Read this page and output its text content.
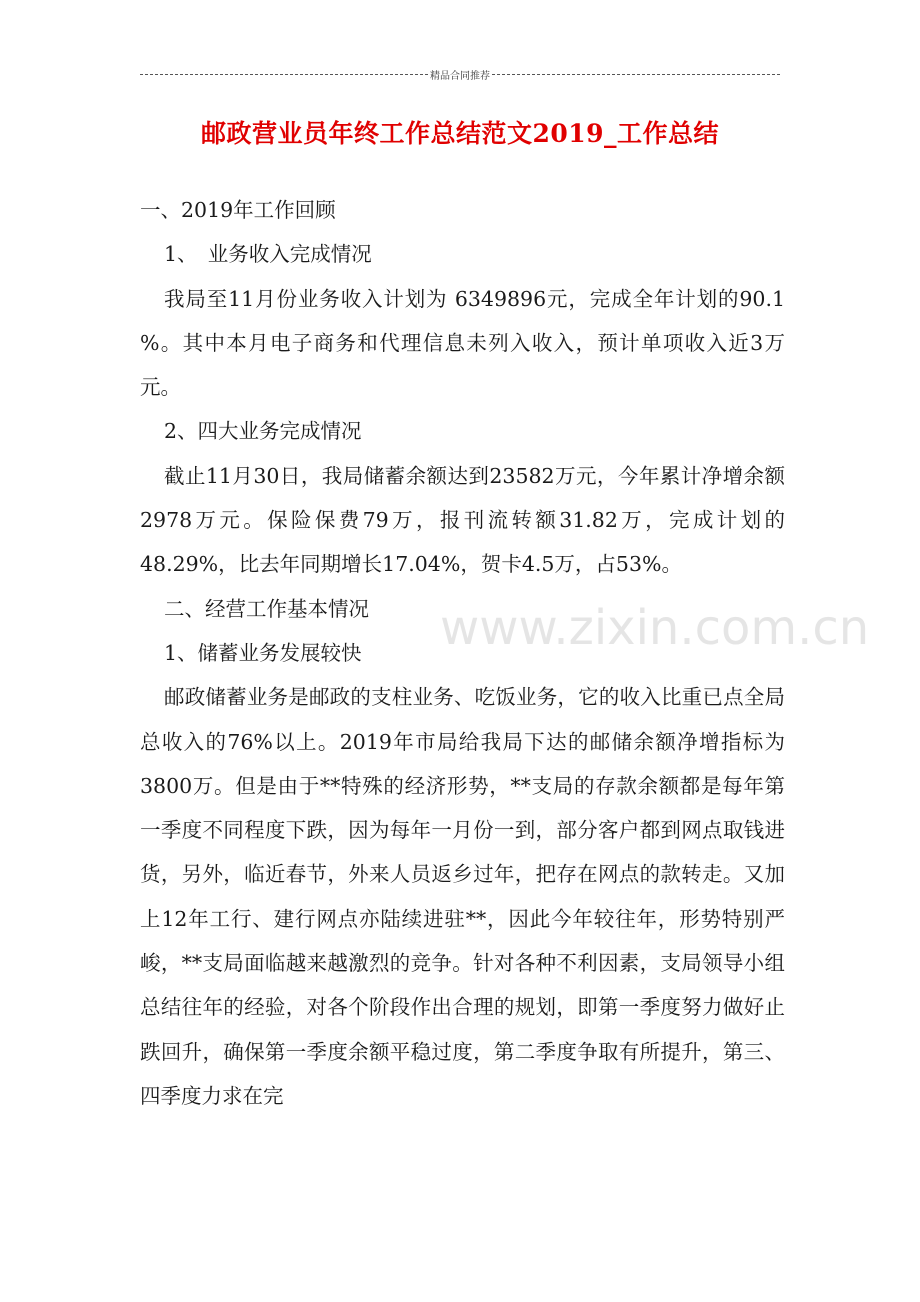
精品合同推荐
邮政营业员年终工作总结范文2019_工作总结

一、2019年工作回顾

1、　业务收入完成情况

我局至11月份业务收入计划为 6349896元，完成全年计划的90.1 %。其中本月电子商务和代理信息未列入收入，预计单项收入近3万元。

2、四大业务完成情况

截止11月30日，我局储蓄余额达到23582万元，今年累计净增余额2978万元。保险保费79万，报刊流转额31.82万，完成计划的48.29%，比去年同期增长17.04%，贺卡4.5万，占53%。

二、经营工作基本情况

1、储蓄业务发展较快

邮政储蓄业务是邮政的支柱业务、吃饭业务，它的收入比重已点全局总收入的76%以上。2019年市局给我局下达的邮储余额净增指标为3800万。但是由于**特殊的经济形势，**支局的存款余额都是每年第一季度不同程度下跌，因为每年一月份一到，部分客户都到网点取钱进货，另外，临近春节，外来人员返乡过年，把存在网点的款转走。又加上12年工行、建行网点亦陆续进驻**，因此今年较往年，形势特别严峻，**支局面临越来越激烈的竞争。针对各种不利因素，支局领导小组总结往年的经验，对各个阶段作出合理的规划，即第一季度努力做好止跌回升，确保第一季度余额平稳过度，第二季度争取有所提升，第三、四季度力求在完

www.zixin.com.cn
